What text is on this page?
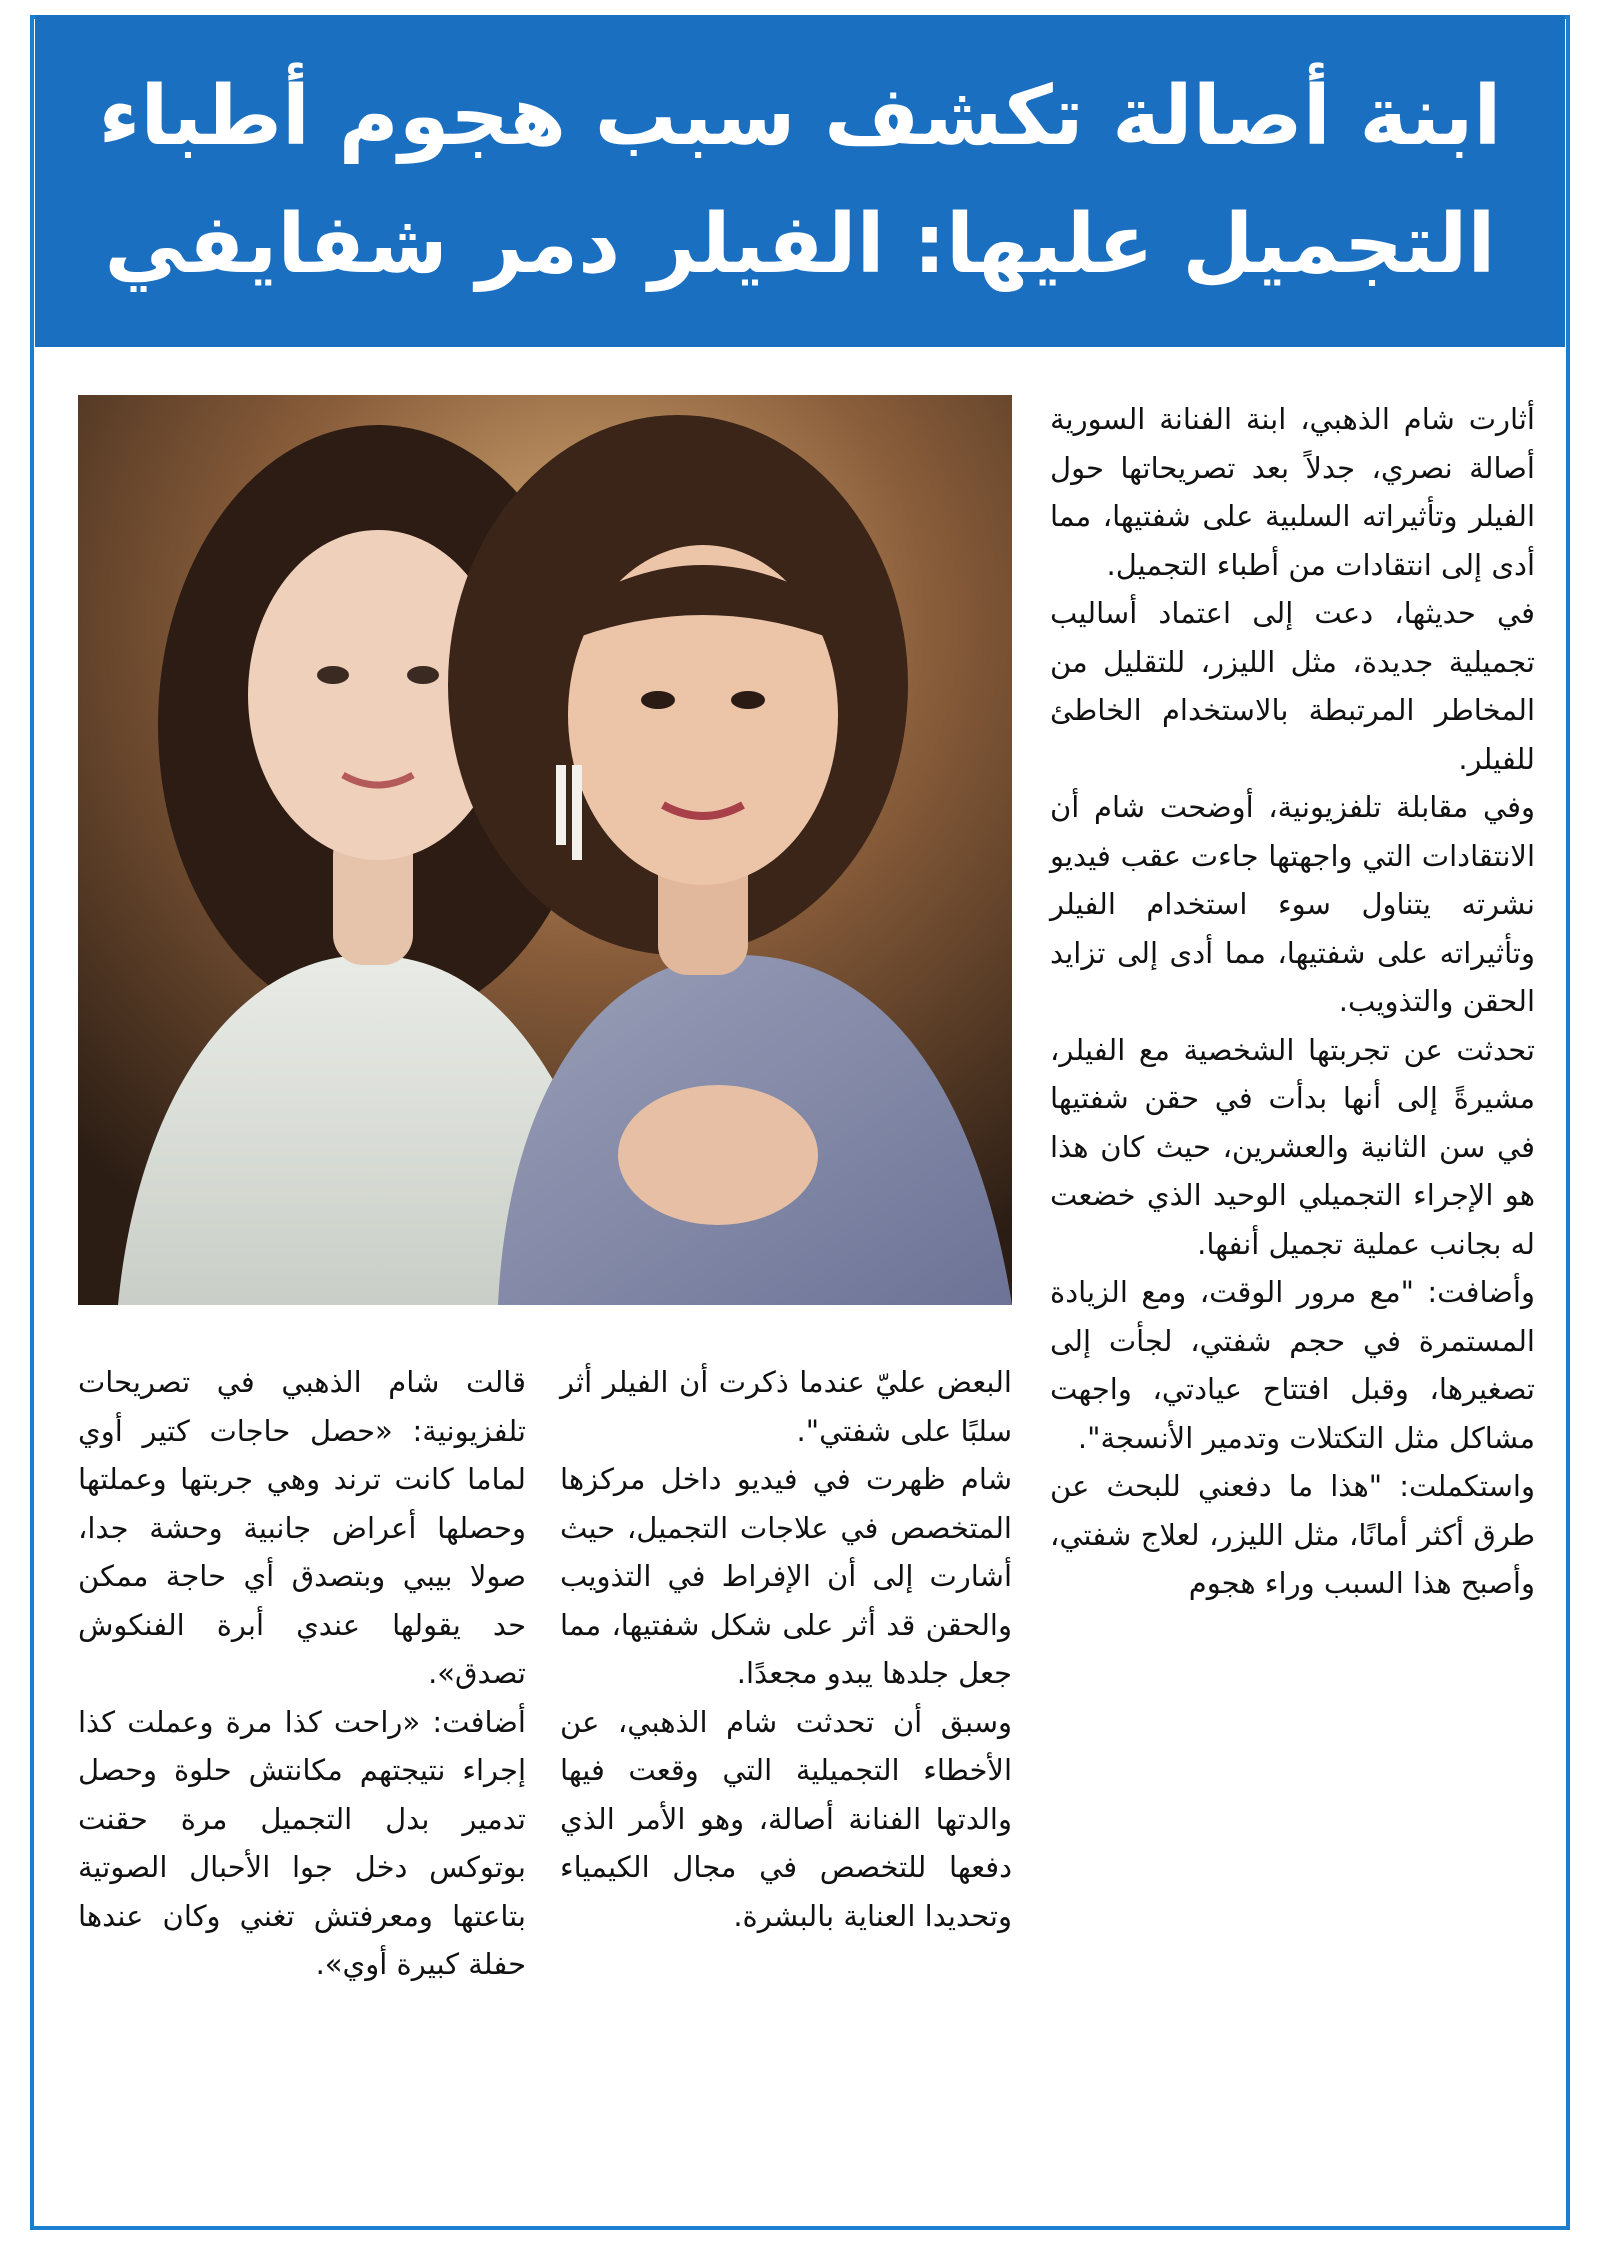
ابنة أصالة تكشف سبب هجوم أطباء
التجميل عليها: الفيلر دمر شفايفي

أثارت شام الذهبي، ابنة الفنانة السورية أصالة نصري، جدلاً بعد تصريحاتها حول الفيلر وتأثيراته السلبية على شفتيها، مما أدى إلى انتقادات من أطباء التجميل.

في حديثها، دعت إلى اعتماد أساليب تجميلية جديدة، مثل الليزر، للتقليل من المخاطر المرتبطة بالاستخدام الخاطئ للفيلر.

وفي مقابلة تلفزيونية، أوضحت شام أن الانتقادات التي واجهتها جاءت عقب فيديو نشرته يتناول سوء استخدام الفيلر وتأثيراته على شفتيها، مما أدى إلى تزايد الحقن والتذويب.

تحدثت عن تجربتها الشخصية مع الفيلر، مشيرةً إلى أنها بدأت في حقن شفتيها في سن الثانية والعشرين، حيث كان هذا هو الإجراء التجميلي الوحيد الذي خضعت له بجانب عملية تجميل أنفها.

وأضافت: "مع مرور الوقت، ومع الزيادة المستمرة في حجم شفتي، لجأت إلى تصغيرها، وقبل افتتاح عيادتي، واجهت مشاكل مثل التكتلات وتدمير الأنسجة".

واستكملت: "هذا ما دفعني للبحث عن طرق أكثر أمانًا، مثل الليزر، لعلاج شفتي، وأصبح هذا السبب وراء هجوم

البعض عليّ عندما ذكرت أن الفيلر أثر سلبًا على شفتي".

شام ظهرت في فيديو داخل مركزها المتخصص في علاجات التجميل، حيث أشارت إلى أن الإفراط في التذويب والحقن قد أثر على شكل شفتيها، مما جعل جلدها يبدو مجعدًا.

وسبق أن تحدثت شام الذهبي، عن الأخطاء التجميلية التي وقعت فيها والدتها الفنانة أصالة، وهو الأمر الذي دفعها للتخصص في مجال الكيمياء وتحديدا العناية بالبشرة.

قالت شام الذهبي في تصريحات تلفزيونية: «حصل حاجات كتير أوي لماما كانت ترند وهي جربتها وعملتها وحصلها أعراض جانبية وحشة جدا، صولا بيبي وبتصدق أي حاجة ممكن حد يقولها عندي أبرة الفنكوش تصدق».

أضافت: «راحت كذا مرة وعملت كذا إجراء نتيجتهم مكانتش حلوة وحصل تدمير بدل التجميل مرة حقنت بوتوكس دخل جوا الأحبال الصوتية بتاعتها ومعرفتش تغني وكان عندها حفلة كبيرة أوي».
